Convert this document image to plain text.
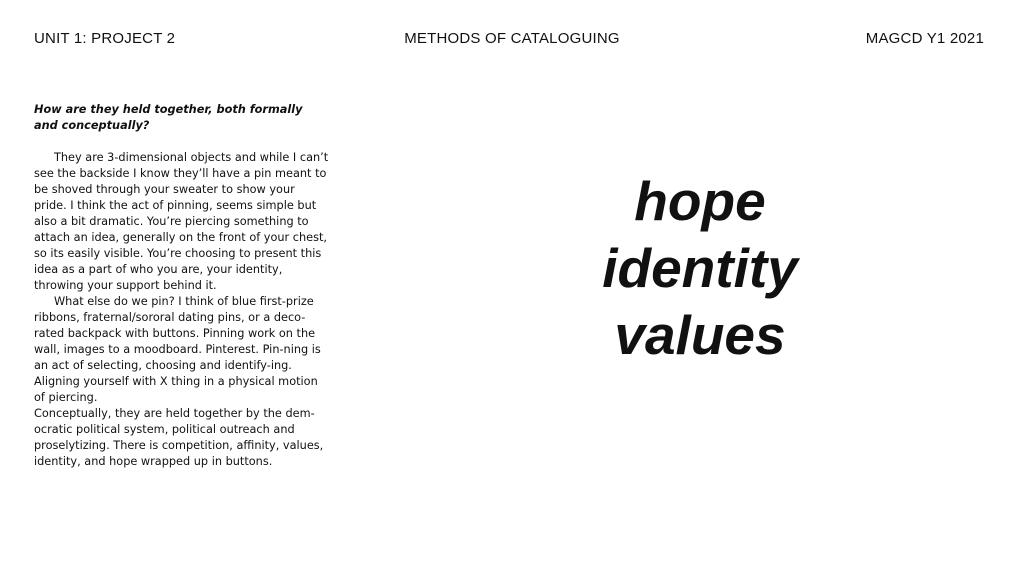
UNIT 1: PROJECT 2	METHODS OF CATALOGUING	MAGCD Y1 2021

How are they held together, both formally and conceptually?

They are 3-dimensional objects and while I can’t see the backside I know they’ll have a pin meant to be shoved through your sweater to show your pride. I think the act of pinning, seems simple but also a bit dramatic. You’re piercing something to attach an idea, generally on the front of your chest, so its easily visible. You’re choosing to present this idea as a part of who you are, your identity, throwing your support behind it.

What else do we pin? I think of blue first-prize ribbons, fraternal/sororal dating pins, or a deco-rated backpack with buttons. Pinning work on the wall, images to a moodboard. Pinterest. Pin-ning is an act of selecting, choosing and identify-ing. Aligning yourself with X thing in a physical motion of piercing.

Conceptually, they are held together by the dem-ocratic political system, political outreach and proselytizing. There is competition, affinity, values, identity, and hope wrapped up in buttons.

hope
identity
values
